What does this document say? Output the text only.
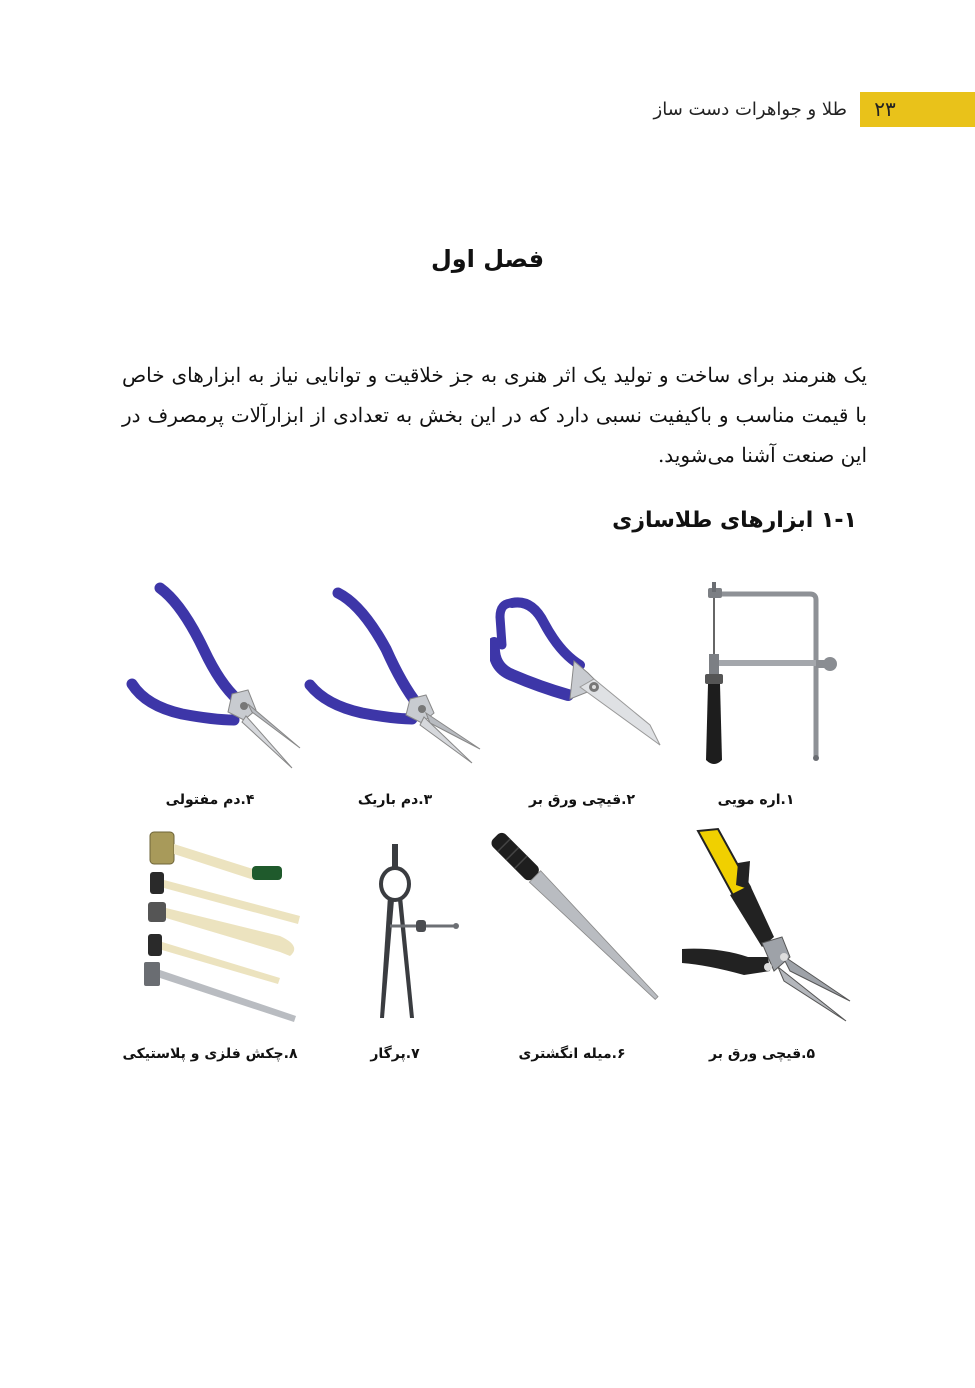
۲۳
طلا و جواهرات دست ساز
فصل اول
یک هنرمند برای ساخت و تولید یک اثر هنری به جز خلاقیت و توانایی نیاز به ابزارهای خاص با قیمت مناسب و باکیفیت نسبی دارد که در این بخش به تعدادی از ابزارآلات پرمصرف در این صنعت آشنا می‌شوید.
۱-۱ ابزارهای طلاسازی
۱.اره مویی
۲.قیچی ورق بر
۳.دم باریک
۴.دم مفتولی
۵.قیچی ورق بر
۶.میله انگشتری
۷.پرگار
۸.چکش فلزی و پلاستیکی
